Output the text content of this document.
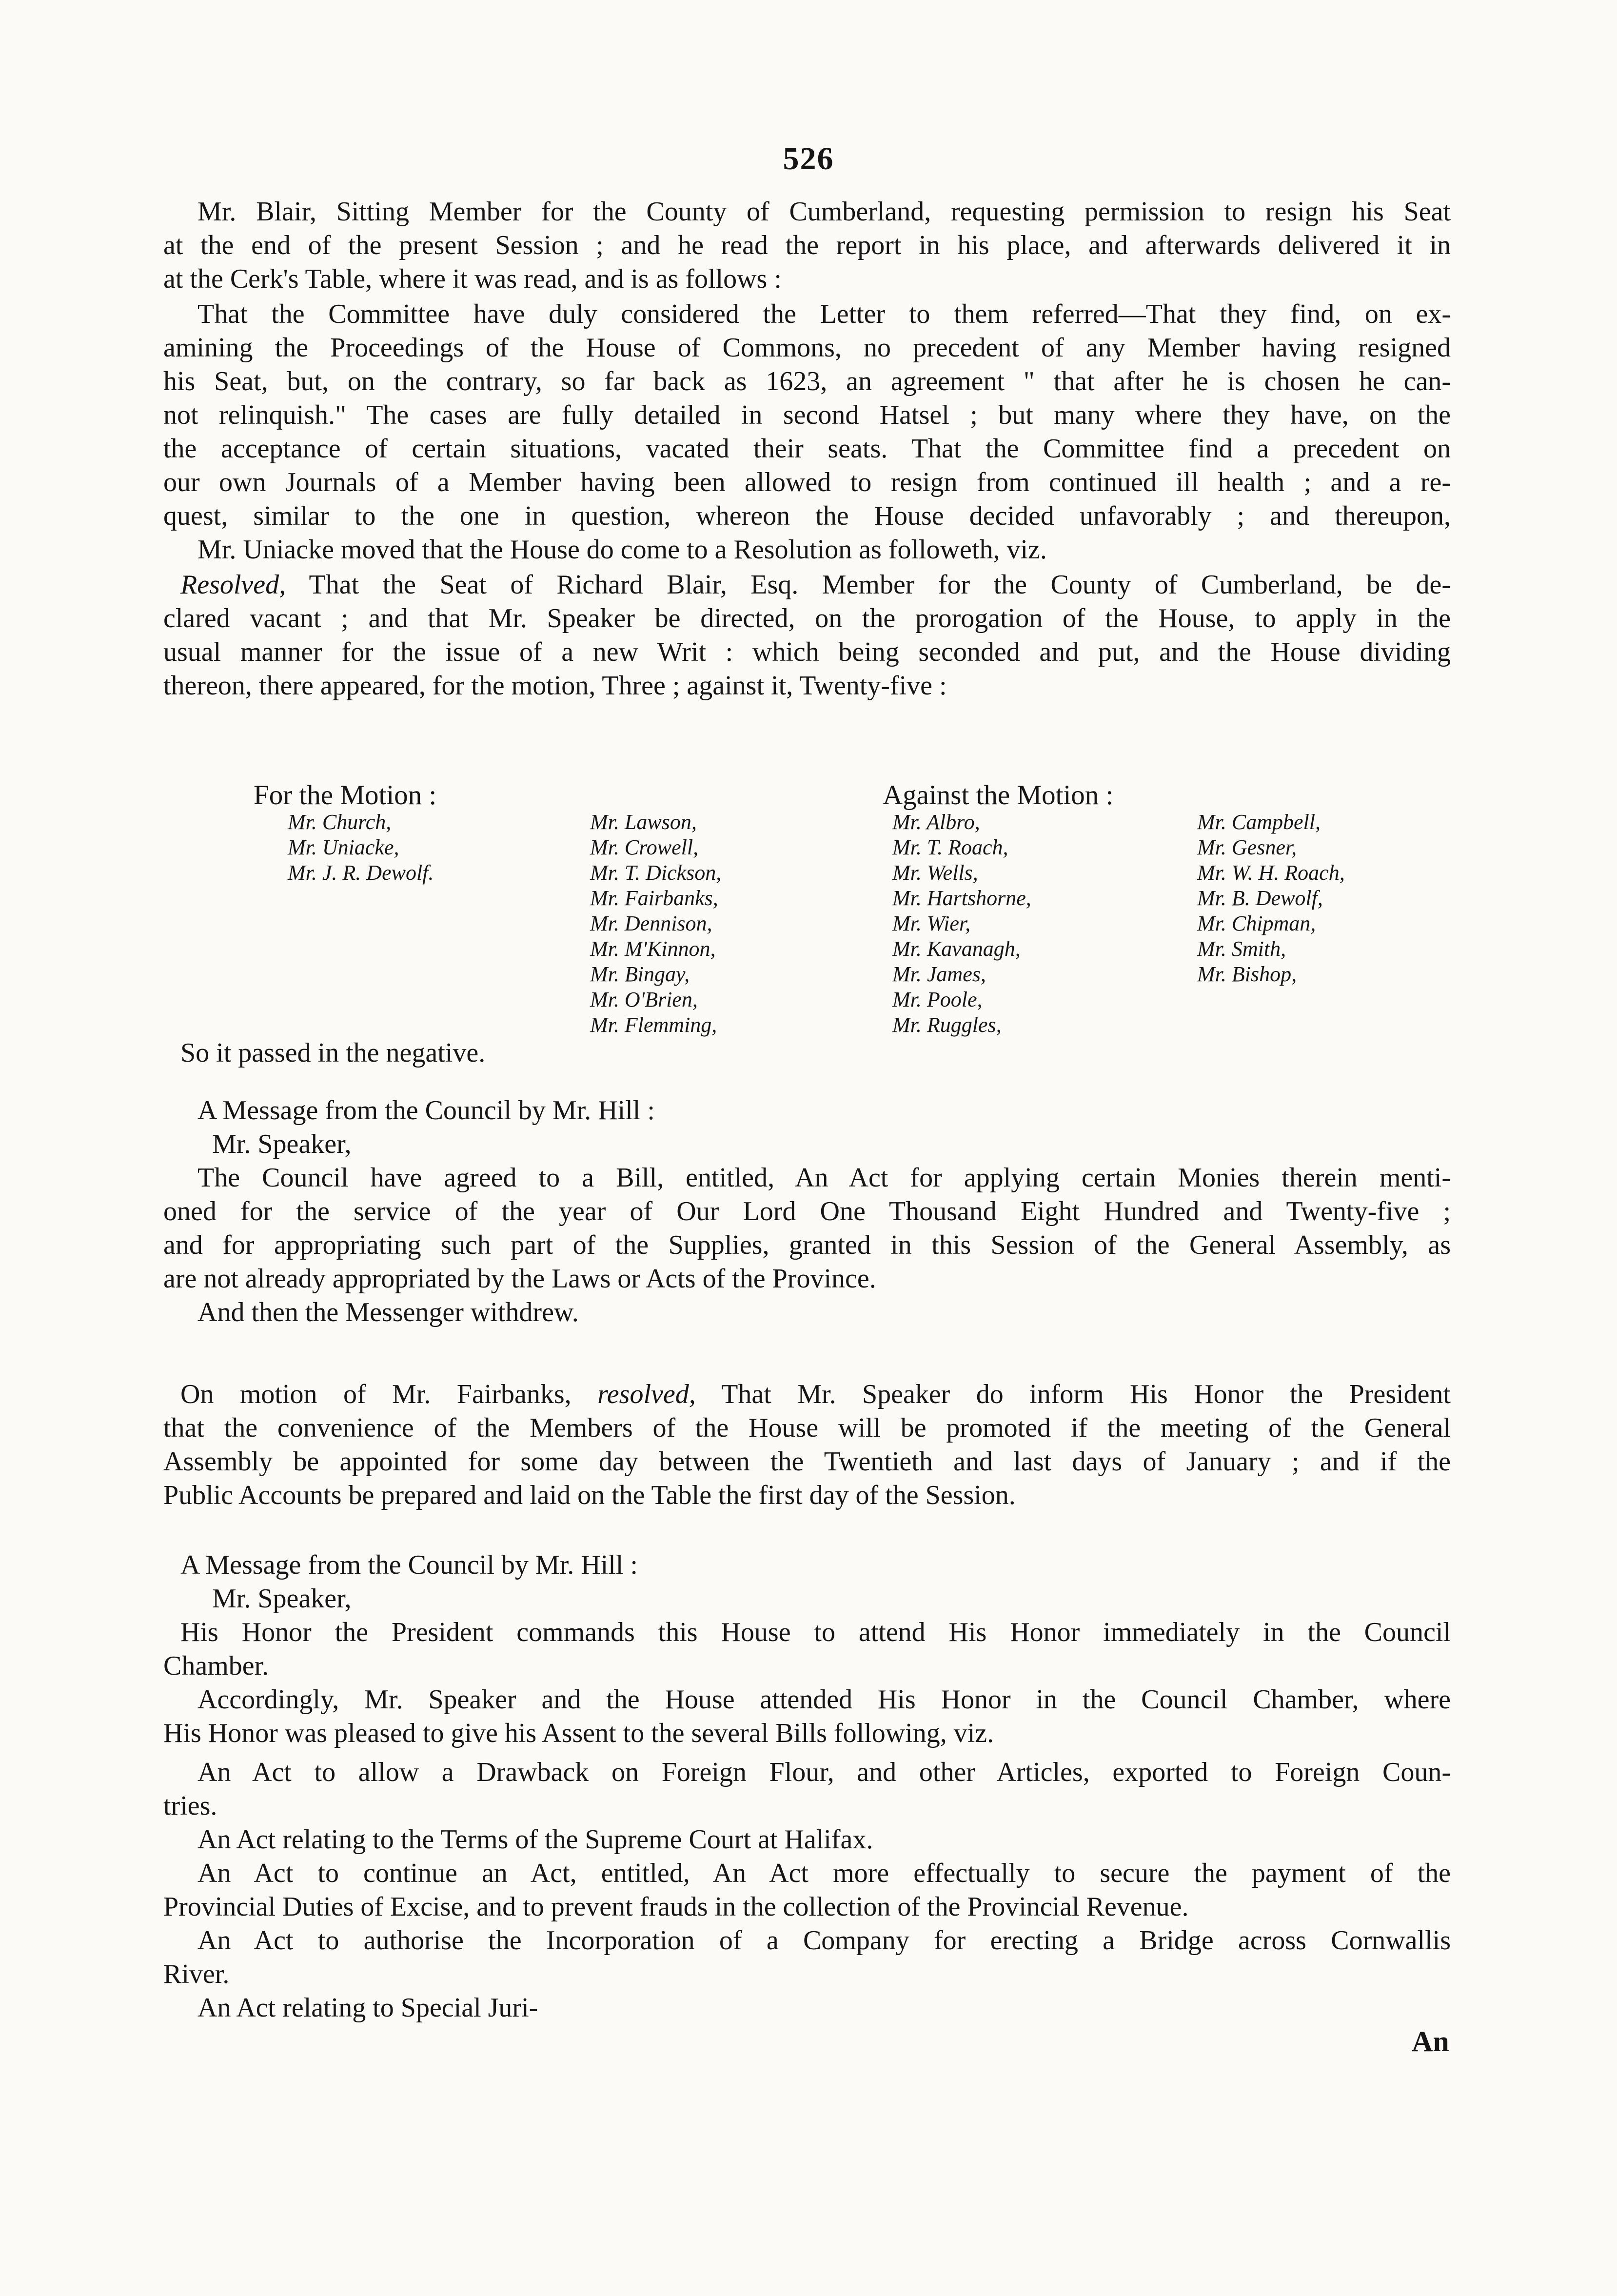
526
Mr. Blair, Sitting Member for the County of Cumberland, requesting permission to resign his Seat
at the end of the present Session ; and he read the report in his place, and afterwards delivered it in
at the Cerk's Table, where it was read, and is as follows :
That the Committee have duly considered the Letter to them referred—That they find, on ex-
amining the Proceedings of the House of Commons, no precedent of any Member having resigned
his Seat, but, on the contrary, so far back as 1623, an agreement " that after he is chosen he can-
not relinquish." The cases are fully detailed in second Hatsel ; but many where they have, on the
the acceptance of certain situations, vacated their seats. That the Committee find a precedent on
our own Journals of a Member having been allowed to resign from continued ill health ; and a re-
quest, similar to the one in question, whereon the House decided unfavorably ; and thereupon,
Mr. Uniacke moved that the House do come to a Resolution as followeth, viz.
Resolved, That the Seat of Richard Blair, Esq. Member for the County of Cumberland, be de-
clared vacant ; and that Mr. Speaker be directed, on the prorogation of the House, to apply in the
usual manner for the issue of a new Writ : which being seconded and put, and the House dividing
thereon, there appeared, for the motion, Three ; against it, Twenty-five :
For the Motion :	Against the Motion :
Mr. Church,
Mr. Uniacke,
Mr. J. R. Dewolf.
Mr. Lawson,
Mr. Crowell,
Mr. T. Dickson,
Mr. Fairbanks,
Mr. Dennison,
Mr. M'Kinnon,
Mr. Bingay,
Mr. O'Brien,
Mr. Flemming,
Mr. Albro,
Mr. T. Roach,
Mr. Wells,
Mr. Hartshorne,
Mr. Wier,
Mr. Kavanagh,
Mr. James,
Mr. Poole,
Mr. Ruggles,
Mr. Campbell,
Mr. Gesner,
Mr. W. H. Roach,
Mr. B. Dewolf,
Mr. Chipman,
Mr. Smith,
Mr. Bishop,
So it passed in the negative.
A Message from the Council by Mr. Hill :
Mr. Speaker,
The Council have agreed to a Bill, entitled, An Act for applying certain Monies therein menti-
oned for the service of the year of Our Lord One Thousand Eight Hundred and Twenty-five ;
and for appropriating such part of the Supplies, granted in this Session of the General Assembly, as
are not already appropriated by the Laws or Acts of the Province.
And then the Messenger withdrew.
On motion of Mr. Fairbanks, resolved, That Mr. Speaker do inform His Honor the President
that the convenience of the Members of the House will be promoted if the meeting of the General
Assembly be appointed for some day between the Twentieth and last days of January ; and if the
Public Accounts be prepared and laid on the Table the first day of the Session.
A Message from the Council by Mr. Hill :
Mr. Speaker,
His Honor the President commands this House to attend His Honor immediately in the Council
Chamber.
Accordingly, Mr. Speaker and the House attended His Honor in the Council Chamber, where
His Honor was pleased to give his Assent to the several Bills following, viz.
An Act to allow a Drawback on Foreign Flour, and other Articles, exported to Foreign Coun-
tries.
An Act relating to the Terms of the Supreme Court at Halifax.
An Act to continue an Act, entitled, An Act more effectually to secure the payment of the
Provincial Duties of Excise, and to prevent frauds in the collection of the Provincial Revenue.
An Act to authorise the Incorporation of a Company for erecting a Bridge across Cornwallis
River.
An Act relating to Special Juri-
An
